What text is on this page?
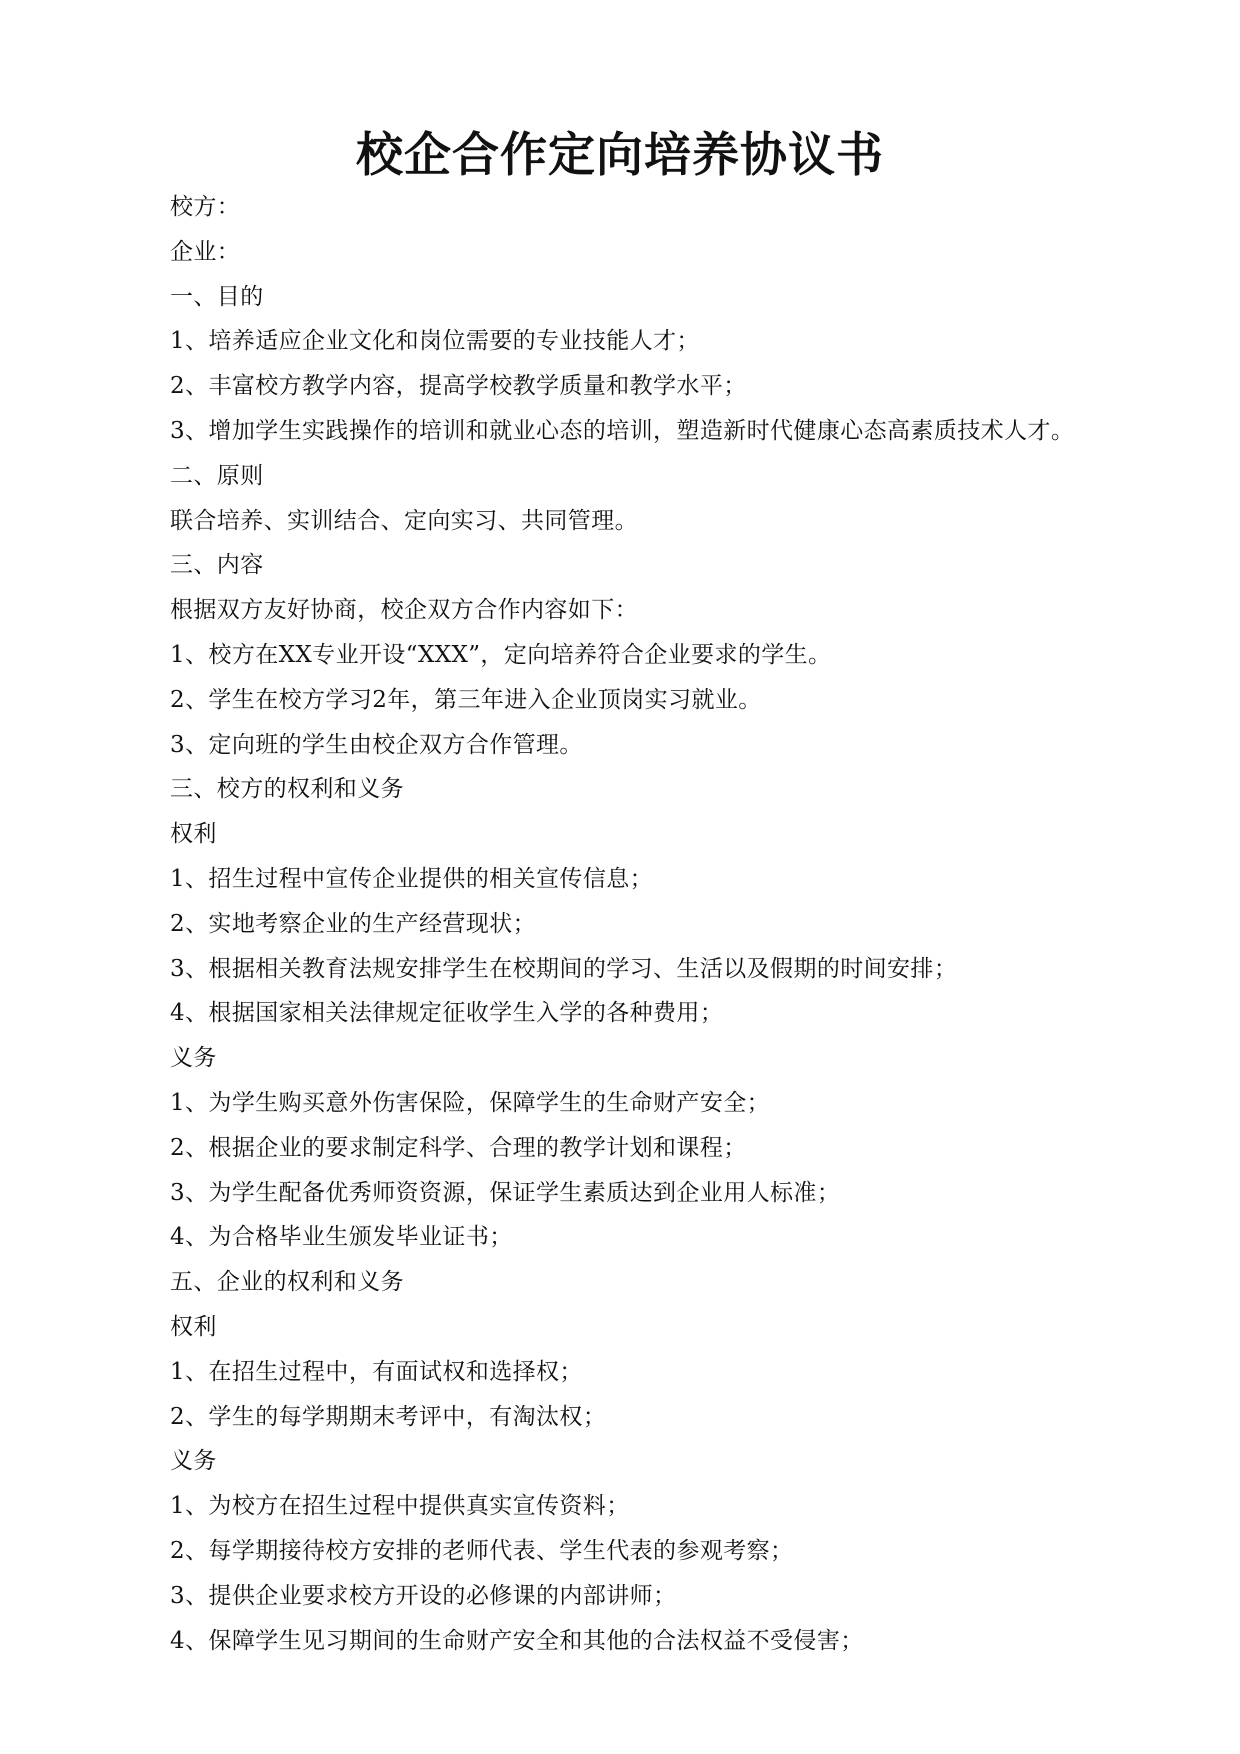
校企合作定向培养协议书
校方：
企业：
一、目的
1、培养适应企业文化和岗位需要的专业技能人才；
2、丰富校方教学内容，提高学校教学质量和教学水平；
3、增加学生实践操作的培训和就业心态的培训，塑造新时代健康心态高素质技术人才。
二、原则
联合培养、实训结合、定向实习、共同管理。
三、内容
根据双方友好协商，校企双方合作内容如下：
1、校方在XX专业开设“XXX”，定向培养符合企业要求的学生。
2、学生在校方学习2年，第三年进入企业顶岗实习就业。
3、定向班的学生由校企双方合作管理。
三、校方的权利和义务
权利
1、招生过程中宣传企业提供的相关宣传信息；
2、实地考察企业的生产经营现状；
3、根据相关教育法规安排学生在校期间的学习、生活以及假期的时间安排；
4、根据国家相关法律规定征收学生入学的各种费用；
义务
1、为学生购买意外伤害保险，保障学生的生命财产安全；
2、根据企业的要求制定科学、合理的教学计划和课程；
3、为学生配备优秀师资资源，保证学生素质达到企业用人标准；
4、为合格毕业生颁发毕业证书；
五、企业的权利和义务
权利
1、在招生过程中，有面试权和选择权；
2、学生的每学期期末考评中，有淘汰权；
义务
1、为校方在招生过程中提供真实宣传资料；
2、每学期接待校方安排的老师代表、学生代表的参观考察；
3、提供企业要求校方开设的必修课的内部讲师；
4、保障学生见习期间的生命财产安全和其他的合法权益不受侵害；
